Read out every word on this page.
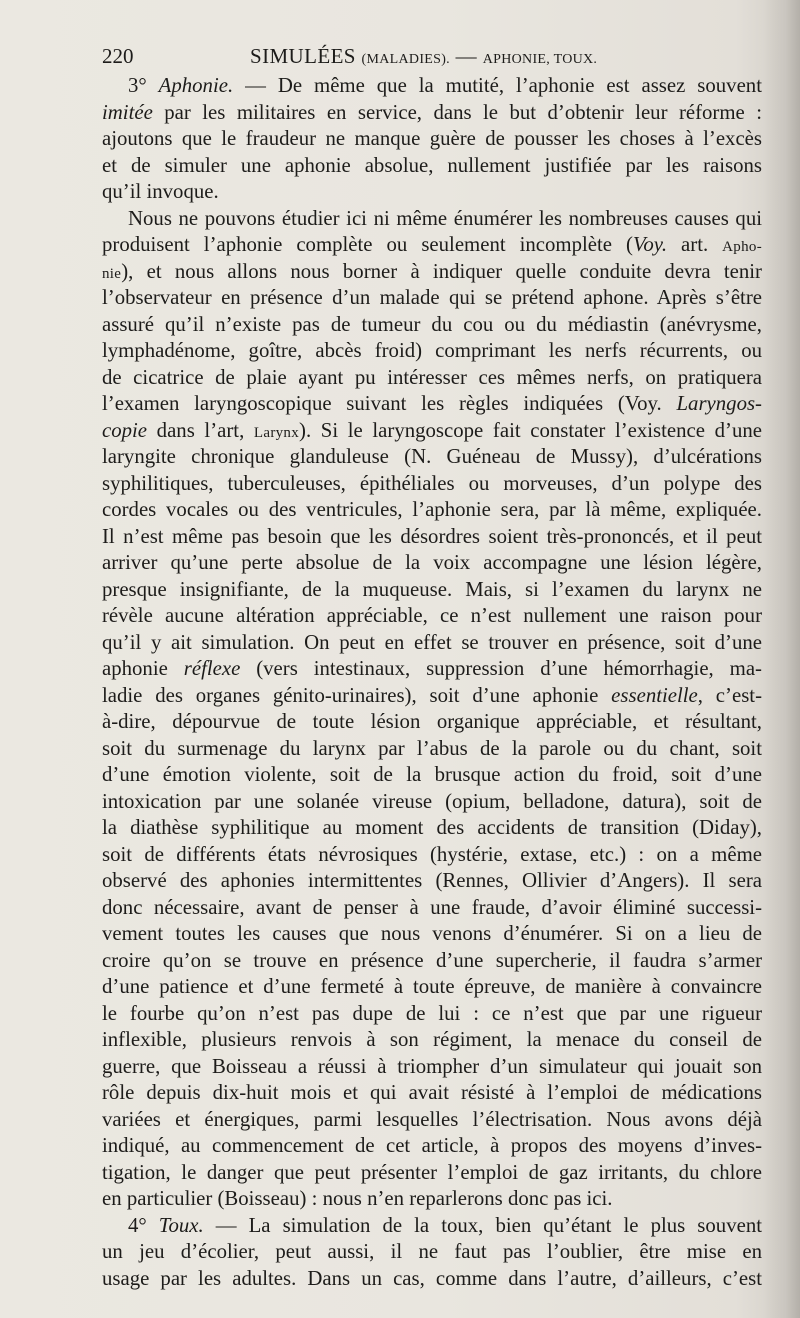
220	SIMULÉES (MALADIES). — APHONIE, TOUX.
3° Aphonie. — De même que la mutité, l’aphonie est assez souvent
imitée par les militaires en service, dans le but d’obtenir leur réforme :
ajoutons que le fraudeur ne manque guère de pousser les choses à l’excès
et de simuler une aphonie absolue, nullement justifiée par les raisons
qu’il invoque.
Nous ne pouvons étudier ici ni même énumérer les nombreuses causes qui
produisent l’aphonie complète ou seulement incomplète (Voy. art. Apho-
nie), et nous allons nous borner à indiquer quelle conduite devra tenir
l’observateur en présence d’un malade qui se prétend aphone. Après s’être
assuré qu’il n’existe pas de tumeur du cou ou du médiastin (anévrysme,
lymphadénome, goître, abcès froid) comprimant les nerfs récurrents, ou
de cicatrice de plaie ayant pu intéresser ces mêmes nerfs, on pratiquera
l’examen laryngoscopique suivant les règles indiquées (Voy. Laryngos-
copie dans l’art, Larynx). Si le laryngoscope fait constater l’existence d’une
laryngite chronique glanduleuse (N. Guéneau de Mussy), d’ulcérations
syphilitiques, tuberculeuses, épithéliales ou morveuses, d’un polype des
cordes vocales ou des ventricules, l’aphonie sera, par là même, expliquée.
Il n’est même pas besoin que les désordres soient très-prononcés, et il peut
arriver qu’une perte absolue de la voix accompagne une lésion légère,
presque insignifiante, de la muqueuse. Mais, si l’examen du larynx ne
révèle aucune altération appréciable, ce n’est nullement une raison pour
qu’il y ait simulation. On peut en effet se trouver en présence, soit d’une
aphonie réflexe (vers intestinaux, suppression d’une hémorrhagie, ma-
ladie des organes génito-urinaires), soit d’une aphonie essentielle, c’est-
à-dire, dépourvue de toute lésion organique appréciable, et résultant,
soit du surmenage du larynx par l’abus de la parole ou du chant, soit
d’une émotion violente, soit de la brusque action du froid, soit d’une
intoxication par une solanée vireuse (opium, belladone, datura), soit de
la diathèse syphilitique au moment des accidents de transition (Diday),
soit de différents états névrosiques (hystérie, extase, etc.) : on a même
observé des aphonies intermittentes (Rennes, Ollivier d’Angers). Il sera
donc nécessaire, avant de penser à une fraude, d’avoir éliminé successi-
vement toutes les causes que nous venons d’énumérer. Si on a lieu de
croire qu’on se trouve en présence d’une supercherie, il faudra s’armer
d’une patience et d’une fermeté à toute épreuve, de manière à convaincre
le fourbe qu’on n’est pas dupe de lui : ce n’est que par une rigueur
inflexible, plusieurs renvois à son régiment, la menace du conseil de
guerre, que Boisseau a réussi à triompher d’un simulateur qui jouait son
rôle depuis dix-huit mois et qui avait résisté à l’emploi de médications
variées et énergiques, parmi lesquelles l’électrisation. Nous avons déjà
indiqué, au commencement de cet article, à propos des moyens d’inves-
tigation, le danger que peut présenter l’emploi de gaz irritants, du chlore
en particulier (Boisseau) : nous n’en reparlerons donc pas ici.
4° Toux. — La simulation de la toux, bien qu’étant le plus souvent
un jeu d’écolier, peut aussi, il ne faut pas l’oublier, être mise en
usage par les adultes. Dans un cas, comme dans l’autre, d’ailleurs, c’est
